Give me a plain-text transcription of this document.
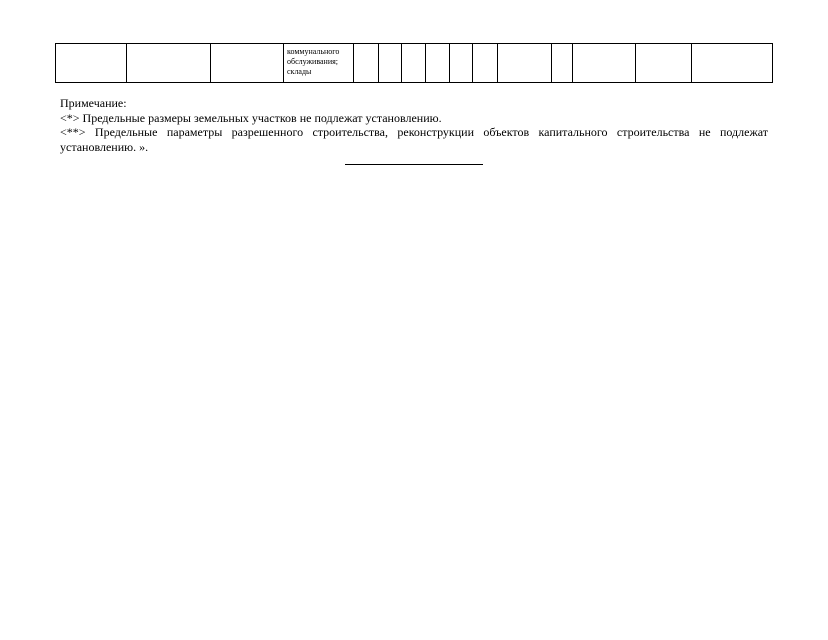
			коммунального обслуживания; склады											

Примечание:

<*> Предельные размеры земельных участков не подлежат установлению.

<**> Предельные параметры разрешенного строительства, реконструкции объектов капитального строительства не подлежат установлению. ».
